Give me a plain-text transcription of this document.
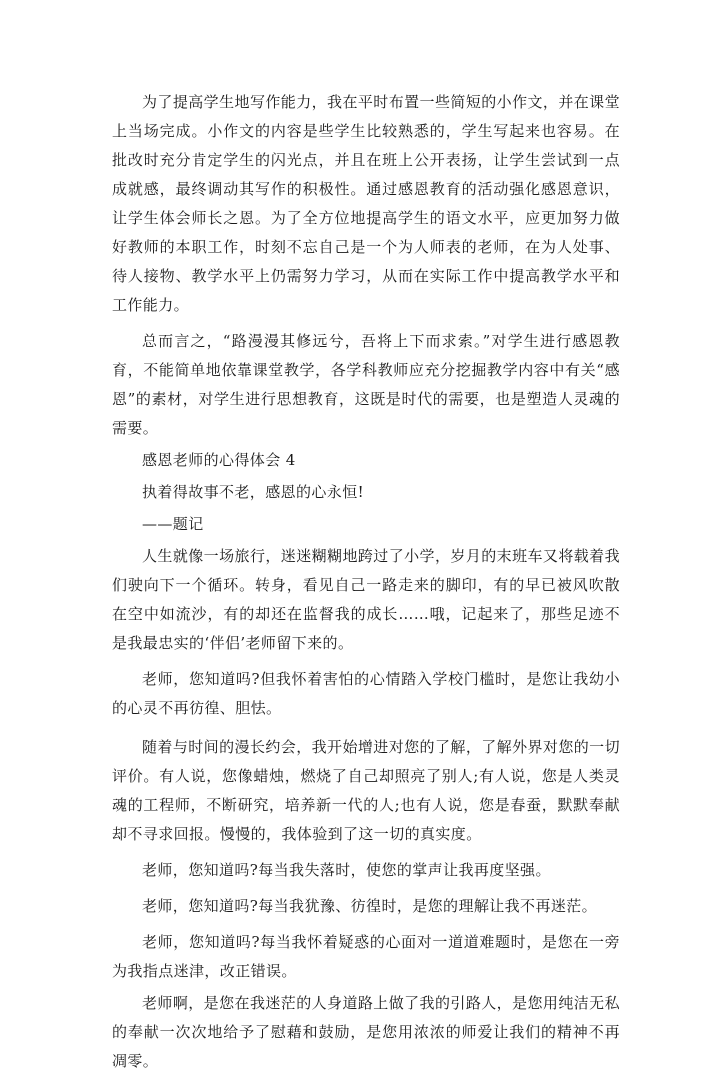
为了提高学生地写作能力，我在平时布置一些简短的小作文，并在课堂上当场完成。小作文的内容是些学生比较熟悉的，学生写起来也容易。在批改时充分肯定学生的闪光点，并且在班上公开表扬，让学生尝试到一点成就感，最终调动其写作的积极性。通过感恩教育的活动强化感恩意识，让学生体会师长之恩。为了全方位地提高学生的语文水平，应更加努力做好教师的本职工作，时刻不忘自己是一个为人师表的老师，在为人处事、待人接物、教学水平上仍需努力学习，从而在实际工作中提高教学水平和工作能力。

总而言之，“路漫漫其修远兮，吾将上下而求索。”对学生进行感恩教育，不能简单地依靠课堂教学，各学科教师应充分挖掘教学内容中有关“感恩”的素材，对学生进行思想教育，这既是时代的需要，也是塑造人灵魂的需要。

感恩老师的心得体会 4

执着得故事不老，感恩的心永恒!

——题记

人生就像一场旅行，迷迷糊糊地跨过了小学，岁月的末班车又将载着我们驶向下一个循环。转身，看见自己一路走来的脚印，有的早已被风吹散在空中如流沙，有的却还在监督我的成长……哦，记起来了，那些足迹不是我最忠实的‘伴侣’老师留下来的。

老师，您知道吗?但我怀着害怕的心情踏入学校门槛时，是您让我幼小的心灵不再彷徨、胆怯。

随着与时间的漫长约会，我开始增进对您的了解，了解外界对您的一切评价。有人说，您像蜡烛，燃烧了自己却照亮了别人;有人说，您是人类灵魂的工程师，不断研究，培养新一代的人;也有人说，您是春蚕，默默奉献却不寻求回报。慢慢的，我体验到了这一切的真实度。

老师，您知道吗?每当我失落时，使您的掌声让我再度坚强。

老师，您知道吗?每当我犹豫、彷徨时，是您的理解让我不再迷茫。

老师，您知道吗?每当我怀着疑惑的心面对一道道难题时，是您在一旁为我指点迷津，改正错误。

老师啊，是您在我迷茫的人身道路上做了我的引路人，是您用纯洁无私的奉献一次次地给予了慰藉和鼓励，是您用浓浓的师爱让我们的精神不再凋零。
